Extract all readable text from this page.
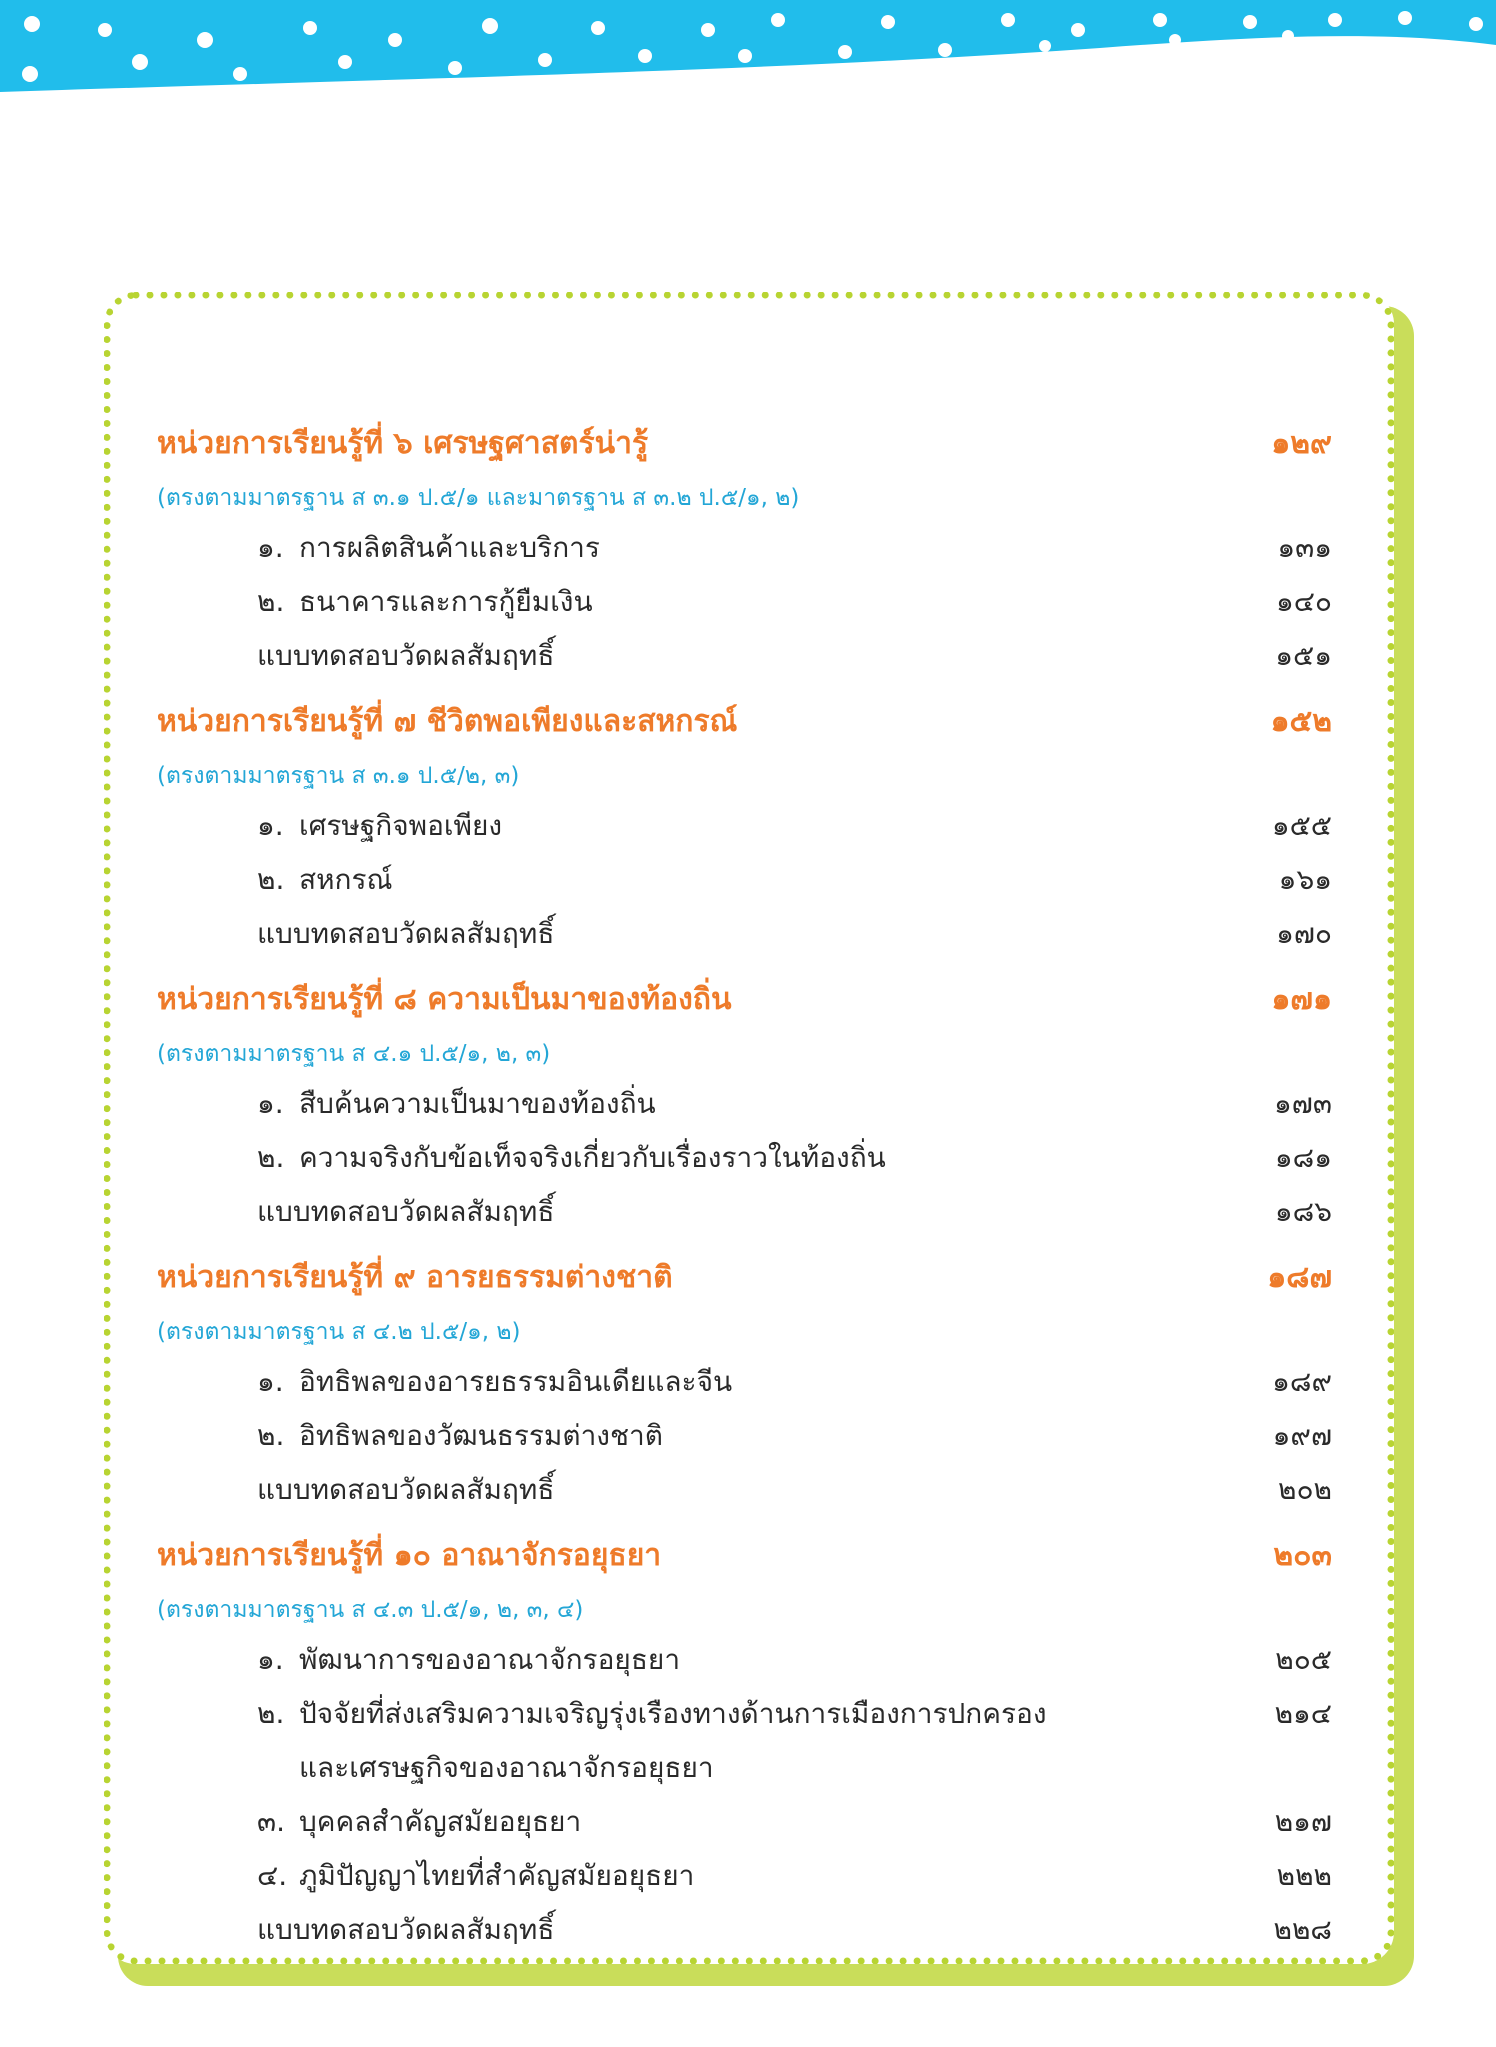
หน่วยการเรียนรู้ที่ ๖ เศรษฐศาสตร์น่ารู้	๑๒๙
(ตรงตามมาตรฐาน ส ๓.๑ ป.๕/๑ และมาตรฐาน ส ๓.๒ ป.๕/๑, ๒)
๑. การผลิตสินค้าและบริการ	๑๓๑
๒. ธนาคารและการกู้ยืมเงิน	๑๔๐
แบบทดสอบวัดผลสัมฤทธิ์	๑๕๑
หน่วยการเรียนรู้ที่ ๗ ชีวิตพอเพียงและสหกรณ์	๑๕๒
(ตรงตามมาตรฐาน ส ๓.๑ ป.๕/๒, ๓)
๑. เศรษฐกิจพอเพียง	๑๕๕
๒. สหกรณ์	๑๖๑
แบบทดสอบวัดผลสัมฤทธิ์	๑๗๐
หน่วยการเรียนรู้ที่ ๘ ความเป็นมาของท้องถิ่น	๑๗๑
(ตรงตามมาตรฐาน ส ๔.๑ ป.๕/๑, ๒, ๓)
๑. สืบค้นความเป็นมาของท้องถิ่น	๑๗๓
๒. ความจริงกับข้อเท็จจริงเกี่ยวกับเรื่องราวในท้องถิ่น	๑๘๑
แบบทดสอบวัดผลสัมฤทธิ์	๑๘๖
หน่วยการเรียนรู้ที่ ๙ อารยธรรมต่างชาติ	๑๘๗
(ตรงตามมาตรฐาน ส ๔.๒ ป.๕/๑, ๒)
๑. อิทธิพลของอารยธรรมอินเดียและจีน	๑๘๙
๒. อิทธิพลของวัฒนธรรมต่างชาติ	๑๙๗
แบบทดสอบวัดผลสัมฤทธิ์	๒๐๒
หน่วยการเรียนรู้ที่ ๑๐ อาณาจักรอยุธยา	๒๐๓
(ตรงตามมาตรฐาน ส ๔.๓ ป.๕/๑, ๒, ๓, ๔)
๑. พัฒนาการของอาณาจักรอยุธยา	๒๐๕
๒. ปัจจัยที่ส่งเสริมความเจริญรุ่งเรืองทางด้านการเมืองการปกครอง	๒๑๔
และเศรษฐกิจของอาณาจักรอยุธยา
๓. บุคคลสำคัญสมัยอยุธยา	๒๑๗
๔. ภูมิปัญญาไทยที่สำคัญสมัยอยุธยา	๒๒๒
แบบทดสอบวัดผลสัมฤทธิ์	๒๒๘
